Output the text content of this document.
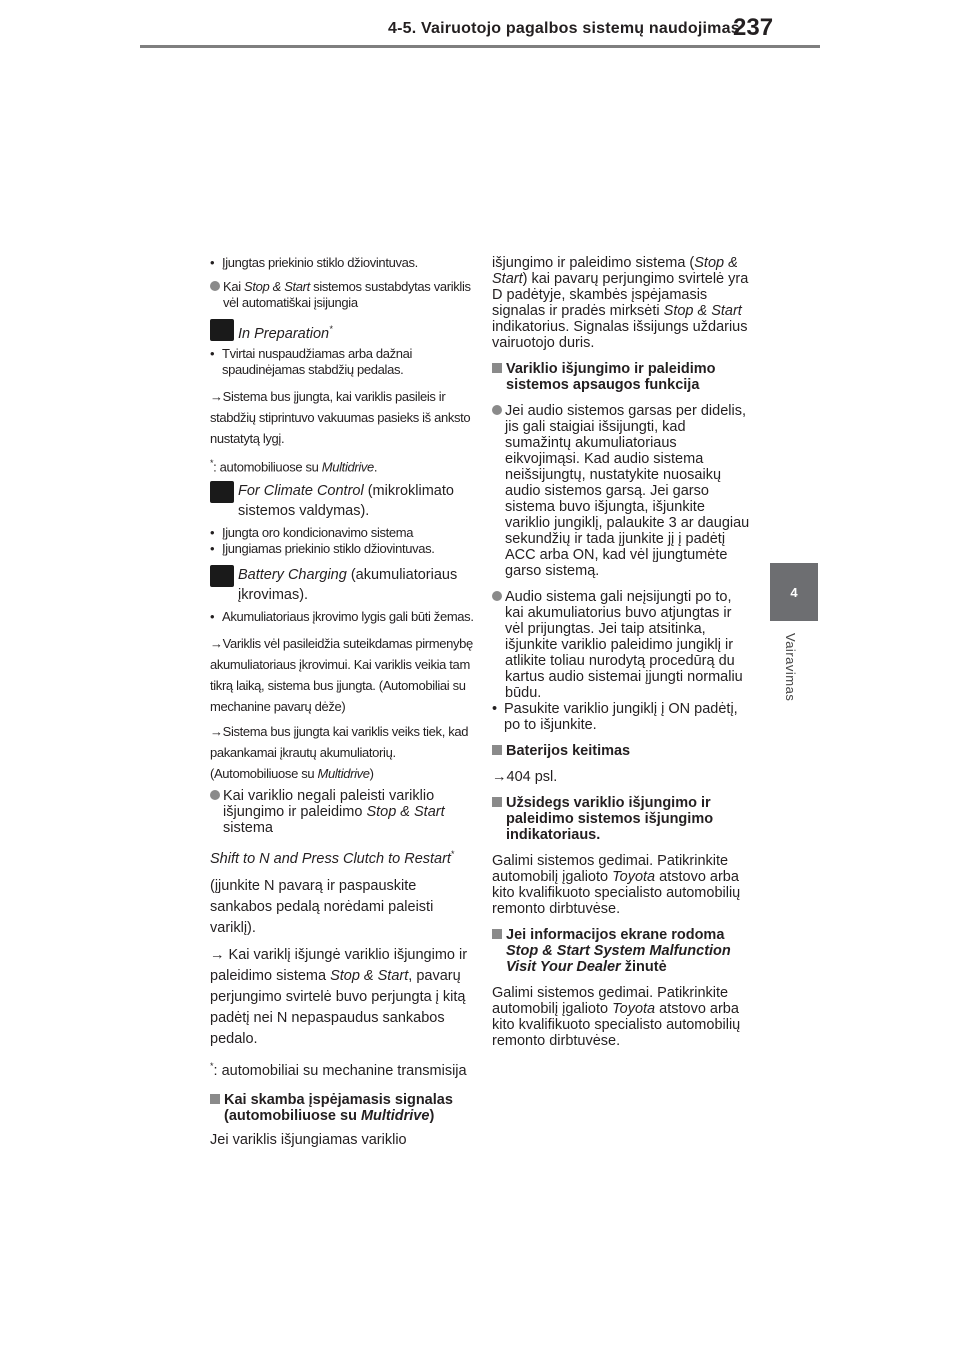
4-5. Vairuotojo pagalbos sistemų naudojimas
237
4
Vairavimas
• Įjungtas priekinio stiklo džiovintuvas.
Kai Stop & Start sistemos sustabdytas variklis vėl automatiškai įsijungia
In Preparation*
• Tvirtai nuspaudžiamas arba dažnai spaudinėjamas stabdžių pedalas.
→Sistema bus įjungta, kai variklis pasileis ir stabdžių stiprintuvo vakuumas pasieks iš anksto nustatytą lygį.
*: automobiliuose su Multidrive.
For Climate Control (mikroklimato sistemos valdymas).
• Įjungta oro kondicionavimo sistema
• Įjungiamas priekinio stiklo džiovintuvas.
Battery Charging (akumuliatoriaus įkrovimas).
• Akumuliatoriaus įkrovimo lygis gali būti žemas.
→Variklis vėl pasileidžia suteikdamas pirmenybę akumuliatoriaus įkrovimui. Kai variklis veikia tam tikrą laiką, sistema bus įjungta. (Automobiliai su mechanine pavarų dėže)
→Sistema bus įjungta kai variklis veiks tiek, kad pakankamai įkrautų akumuliatorių. (Automobiliuose su Multidrive)
Kai variklio negali paleisti variklio išjungimo ir paleidimo Stop & Start sistema
Shift to N and Press Clutch to Restart*
(įjunkite N pavarą ir paspauskite sankabos pedalą norėdami paleisti variklį).
→ Kai variklį išjungė variklio išjungimo ir paleidimo sistema Stop & Start, pavarų perjungimo svirtelė buvo perjungta į kitą padėtį nei N nepaspaudus sankabos pedalo.
*: automobiliai su mechanine transmisija
Kai skamba įspėjamasis signalas (automobiliuose su Multidrive)
Jei variklis išjungiamas variklio
išjungimo ir paleidimo sistema (Stop & Start) kai pavarų perjungimo svirtelė yra D padėtyje, skambės įspėjamasis signalas ir pradės mirksėti Stop & Start indikatorius. Signalas išsijungs uždarius vairuotojo duris.
Variklio išjungimo ir paleidimo sistemos apsaugos funkcija
Jei audio sistemos garsas per didelis, jis gali staigiai išsijungti, kad sumažintų akumuliatoriaus eikvojimąsi. Kad audio sistema neišsijungtų, nustatykite nuosaikų audio sistemos garsą. Jei garso sistema buvo išjungta, išjunkite variklio jungiklį, palaukite 3 ar daugiau sekundžių ir tada įjunkite jį į padėtį ACC arba ON, kad vėl įjungtumėte garso sistemą.
Audio sistema gali neįsijungti po to, kai akumuliatorius buvo atjungtas ir vėl prijungtas. Jei taip atsitinka, išjunkite variklio paleidimo jungiklį ir atlikite toliau nurodytą procedūrą du kartus audio sistemai įjungti normaliu būdu.
• Pasukite variklio jungiklį į ON padėtį, po to išjunkite.
Baterijos keitimas
→404 psl.
Užsidegs variklio išjungimo ir paleidimo sistemos išjungimo indikatoriaus.
Galimi sistemos gedimai. Patikrinkite automobilį įgalioto Toyota atstovo arba kito kvalifikuoto specialisto automobilių remonto dirbtuvėse.
Jei informacijos ekrane rodoma Stop & Start System Malfunction Visit Your Dealer žinutė
Galimi sistemos gedimai. Patikrinkite automobilį įgalioto Toyota atstovo arba kito kvalifikuoto specialisto automobilių remonto dirbtuvėse.
